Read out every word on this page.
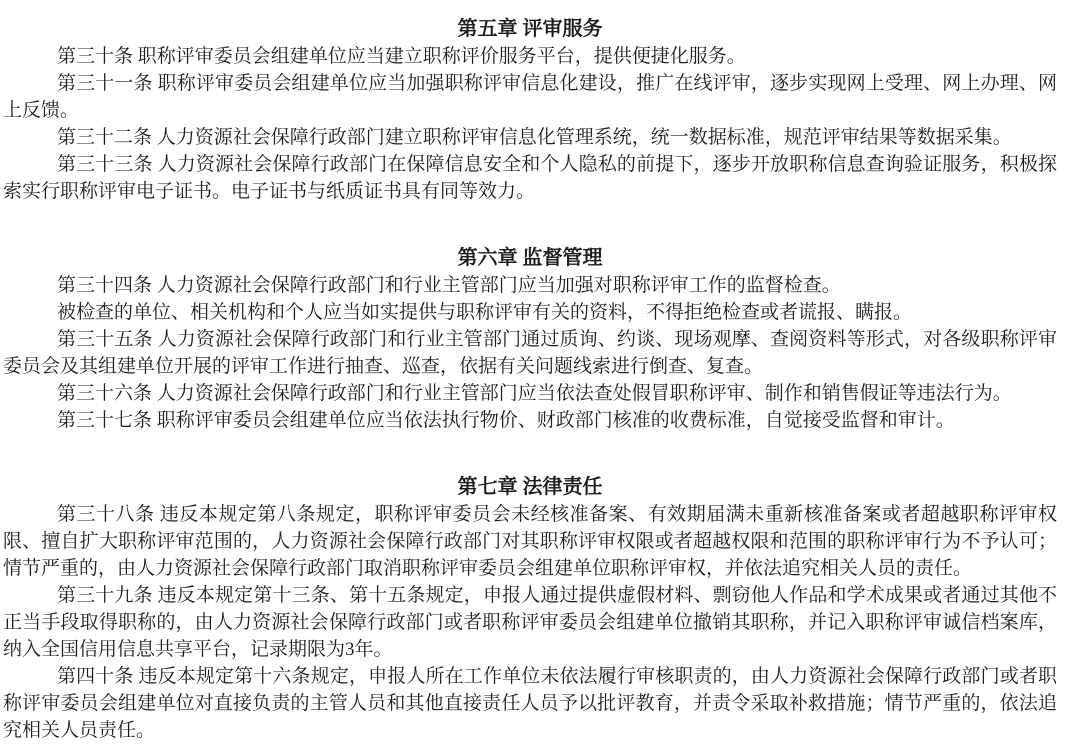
第五章 评审服务

第三十条 职称评审委员会组建单位应当建立职称评价服务平台，提供便捷化服务。

第三十一条 职称评审委员会组建单位应当加强职称评审信息化建设，推广在线评审，逐步实现网上受理、网上办理、网上反馈。

第三十二条 人力资源社会保障行政部门建立职称评审信息化管理系统，统一数据标准，规范评审结果等数据采集。

第三十三条 人力资源社会保障行政部门在保障信息安全和个人隐私的前提下，逐步开放职称信息查询验证服务，积极探索实行职称评审电子证书。电子证书与纸质证书具有同等效力。

第六章 监督管理

第三十四条 人力资源社会保障行政部门和行业主管部门应当加强对职称评审工作的监督检查。

被检查的单位、相关机构和个人应当如实提供与职称评审有关的资料，不得拒绝检查或者谎报、瞒报。

第三十五条 人力资源社会保障行政部门和行业主管部门通过质询、约谈、现场观摩、查阅资料等形式，对各级职称评审委员会及其组建单位开展的评审工作进行抽查、巡查，依据有关问题线索进行倒查、复查。

第三十六条 人力资源社会保障行政部门和行业主管部门应当依法查处假冒职称评审、制作和销售假证等违法行为。

第三十七条 职称评审委员会组建单位应当依法执行物价、财政部门核准的收费标准，自觉接受监督和审计。

第七章 法律责任

第三十八条 违反本规定第八条规定，职称评审委员会未经核准备案、有效期届满未重新核准备案或者超越职称评审权限、擅自扩大职称评审范围的，人力资源社会保障行政部门对其职称评审权限或者超越权限和范围的职称评审行为不予认可；情节严重的，由人力资源社会保障行政部门取消职称评审委员会组建单位职称评审权，并依法追究相关人员的责任。

第三十九条 违反本规定第十三条、第十五条规定，申报人通过提供虚假材料、剽窃他人作品和学术成果或者通过其他不正当手段取得职称的，由人力资源社会保障行政部门或者职称评审委员会组建单位撤销其职称，并记入职称评审诚信档案库，纳入全国信用信息共享平台，记录期限为3年。

第四十条 违反本规定第十六条规定，申报人所在工作单位未依法履行审核职责的，由人力资源社会保障行政部门或者职称评审委员会组建单位对直接负责的主管人员和其他直接责任人员予以批评教育，并责令采取补救措施；情节严重的，依法追究相关人员责任。
